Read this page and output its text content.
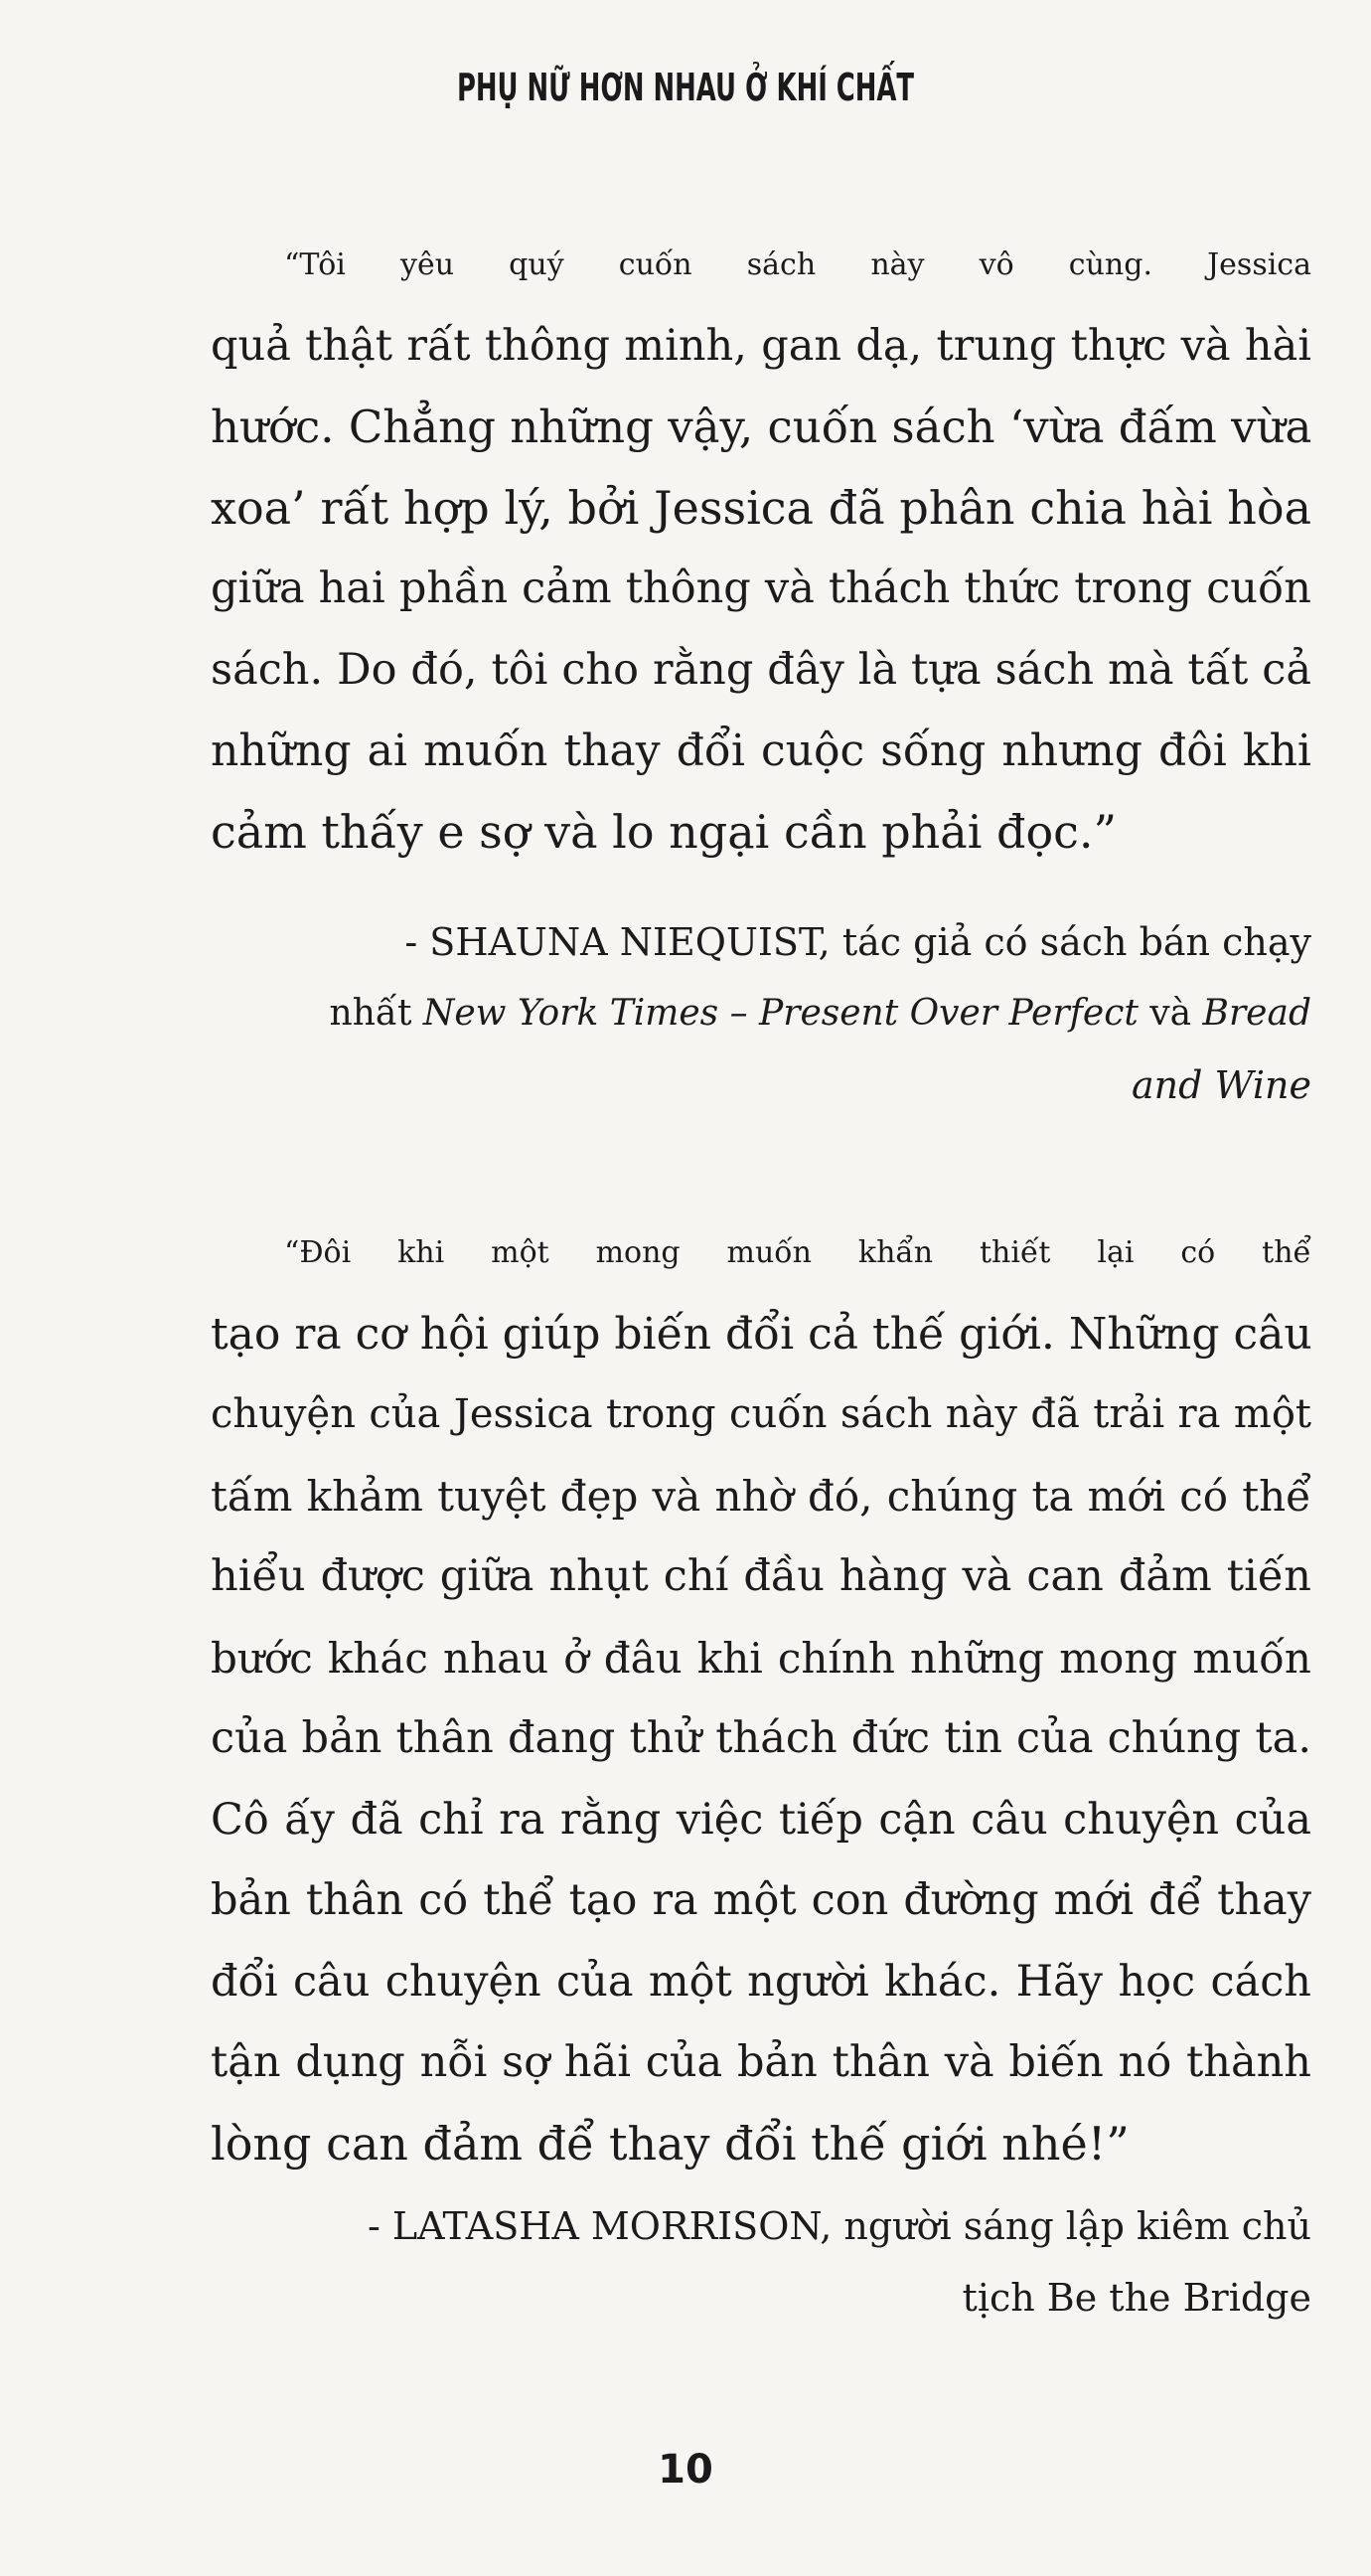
PHỤ NỮ HƠN NHAU Ở KHÍ CHẤT
“Tôi yêu quý cuốn sách này vô cùng. Jessica
quả thật rất thông minh, gan dạ, trung thực và hài
hước. Chẳng những vậy, cuốn sách ‘vừa đấm vừa
xoa’ rất hợp lý, bởi Jessica đã phân chia hài hòa
giữa hai phần cảm thông và thách thức trong cuốn
sách. Do đó, tôi cho rằng đây là tựa sách mà tất cả
những ai muốn thay đổi cuộc sống nhưng đôi khi
cảm thấy e sợ và lo ngại cần phải đọc.”
- SHAUNA NIEQUIST, tác giả có sách bán chạy
nhất New York Times – Present Over Perfect và Bread
and Wine
“Đôi khi một mong muốn khẩn thiết lại có thể
tạo ra cơ hội giúp biến đổi cả thế giới. Những câu
chuyện của Jessica trong cuốn sách này đã trải ra một
tấm khảm tuyệt đẹp và nhờ đó, chúng ta mới có thể
hiểu được giữa nhụt chí đầu hàng và can đảm tiến
bước khác nhau ở đâu khi chính những mong muốn
của bản thân đang thử thách đức tin của chúng ta.
Cô ấy đã chỉ ra rằng việc tiếp cận câu chuyện của
bản thân có thể tạo ra một con đường mới để thay
đổi câu chuyện của một người khác. Hãy học cách
tận dụng nỗi sợ hãi của bản thân và biến nó thành
lòng can đảm để thay đổi thế giới nhé!”
- LATASHA MORRISON, người sáng lập kiêm chủ
tịch Be the Bridge
10
